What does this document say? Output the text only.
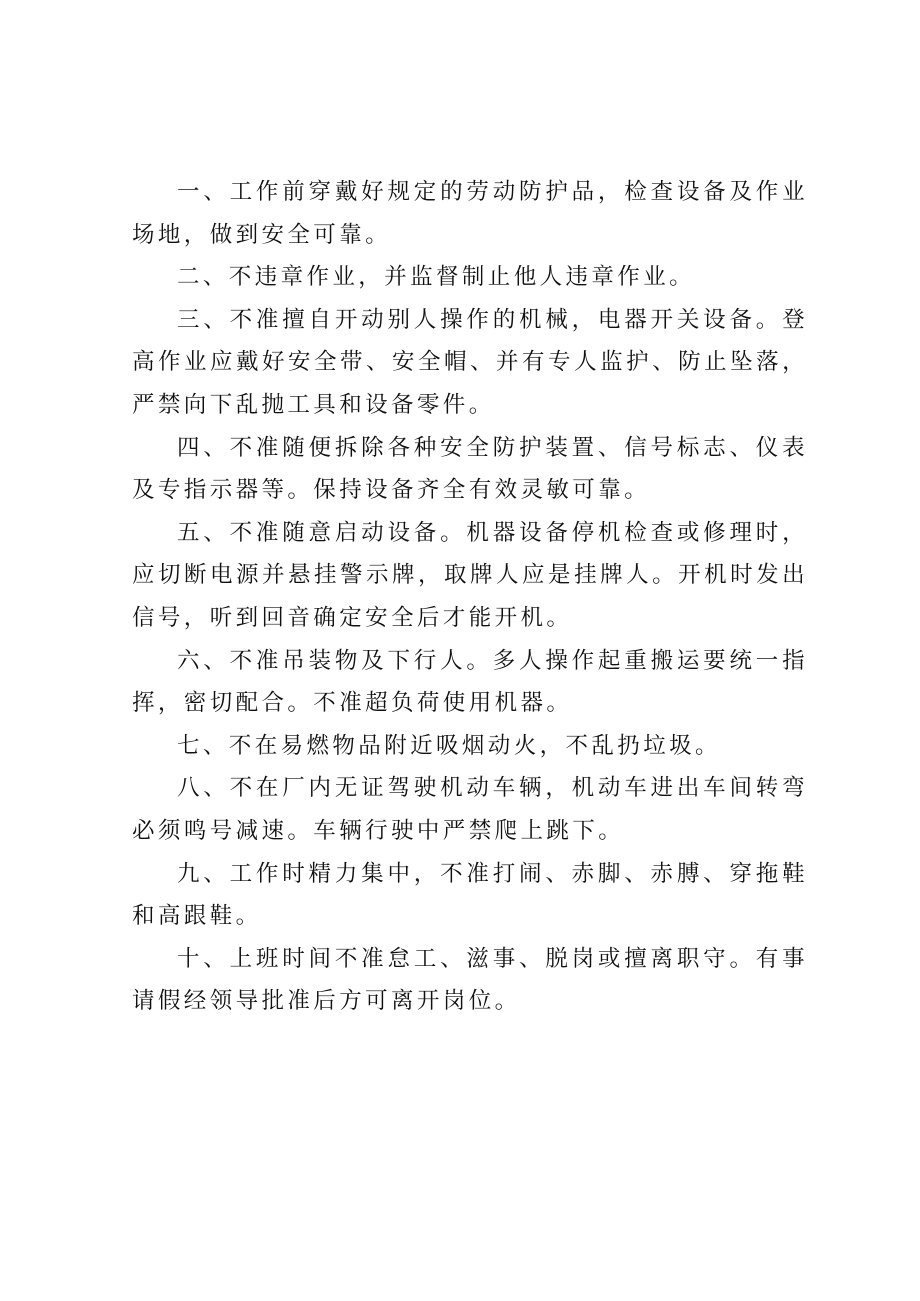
一、工作前穿戴好规定的劳动防护品，检查设备及作业场地，做到安全可靠。

二、不违章作业，并监督制止他人违章作业。

三、不准擅自开动别人操作的机械，电器开关设备。登高作业应戴好安全带、安全帽、并有专人监护、防止坠落，严禁向下乱抛工具和设备零件。

四、不准随便拆除各种安全防护装置、信号标志、仪表及专指示器等。保持设备齐全有效灵敏可靠。

五、不准随意启动设备。机器设备停机检查或修理时，应切断电源并悬挂警示牌，取牌人应是挂牌人。开机时发出信号，听到回音确定安全后才能开机。

六、不准吊装物及下行人。多人操作起重搬运要统一指挥，密切配合。不准超负荷使用机器。

七、不在易燃物品附近吸烟动火，不乱扔垃圾。

八、不在厂内无证驾驶机动车辆，机动车进出车间转弯必须鸣号减速。车辆行驶中严禁爬上跳下。

九、工作时精力集中，不准打闹、赤脚、赤膊、穿拖鞋和高跟鞋。

十、上班时间不准怠工、滋事、脱岗或擅离职守。有事请假经领导批准后方可离开岗位。
